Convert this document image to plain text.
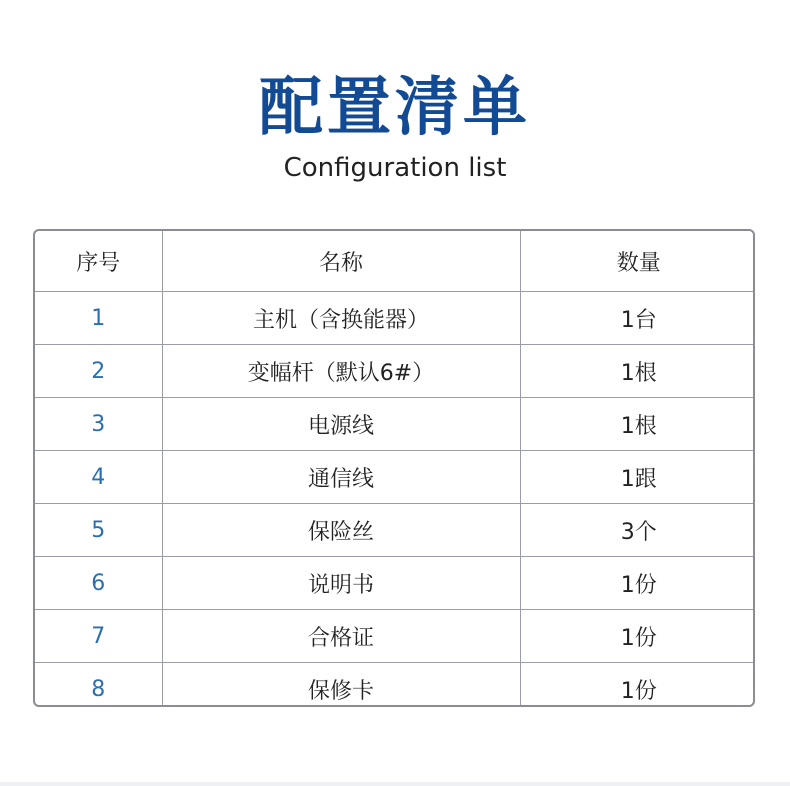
配置清单
Configuration list
序号	名称	数量
1	主机（含换能器）	1台
2	变幅杆（默认6#）	1根
3	电源线	1根
4	通信线	1跟
5	保险丝	3个
6	说明书	1份
7	合格证	1份
8	保修卡	1份
